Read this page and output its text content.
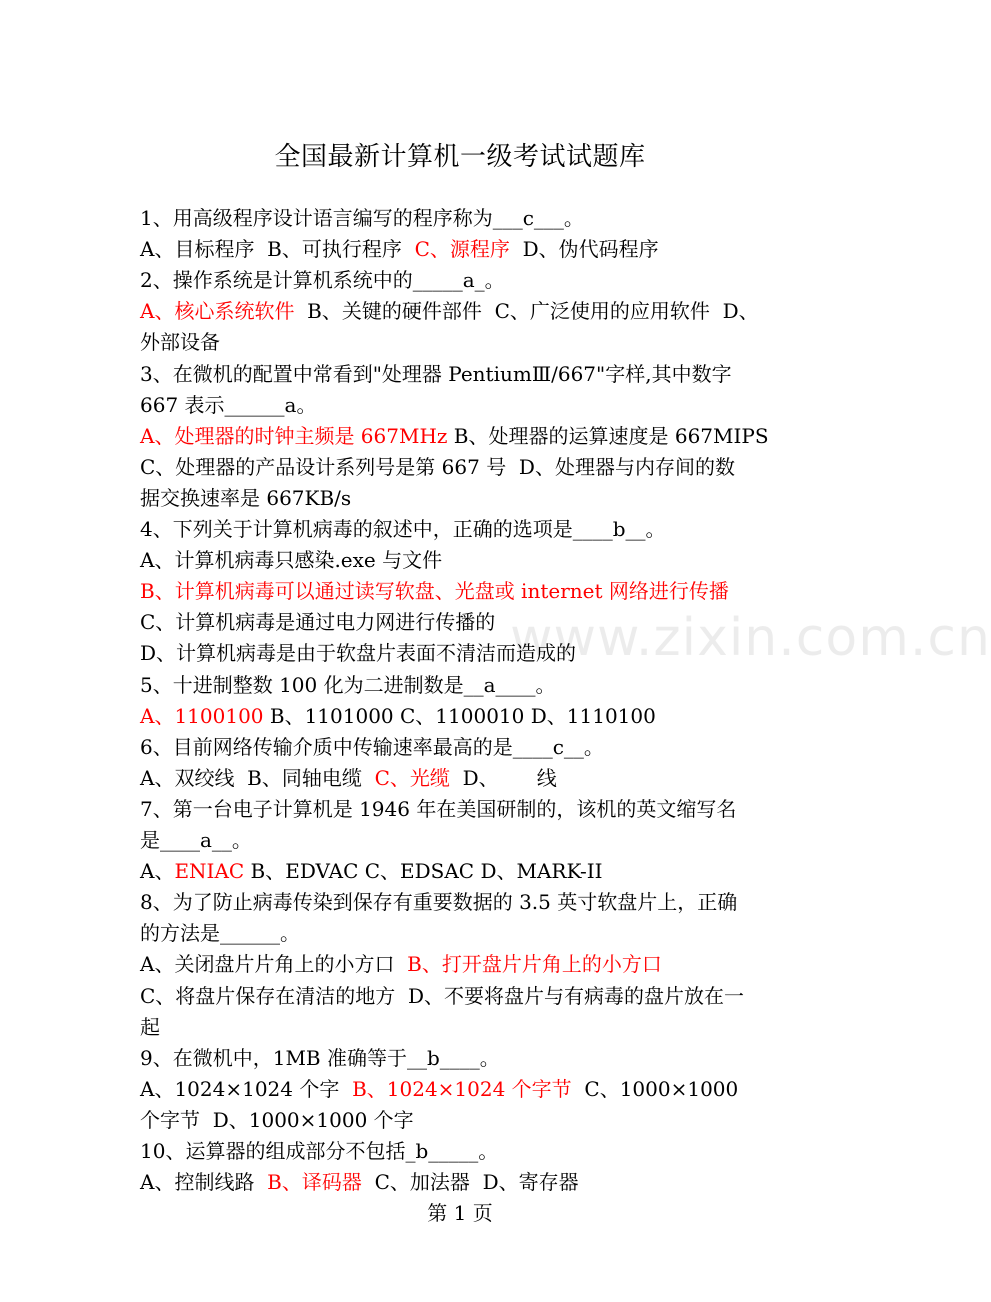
全国最新计算机一级考试试题库
www.zixin.com.cn
1、用高级程序设计语言编写的程序称为___c___。
A、目标程序  B、可执行程序  C、源程序  D、伪代码程序
2、操作系统是计算机系统中的_____a_。
A、核心系统软件  B、关键的硬件部件  C、广泛使用的应用软件  D、
外部设备
3、在微机的配置中常看到"处理器 PentiumⅢ/667"字样,其中数字
667 表示______a。
A、处理器的时钟主频是 667MHz B、处理器的运算速度是 667MIPS
C、处理器的产品设计系列号是第 667 号  D、处理器与内存间的数
据交换速率是 667KB/s
4、下列关于计算机病毒的叙述中，正确的选项是____b__。
A、计算机病毒只感染.exe 与文件
B、计算机病毒可以通过读写软盘、光盘或 internet 网络进行传播
C、计算机病毒是通过电力网进行传播的
D、计算机病毒是由于软盘片表面不清洁而造成的
5、十进制整数 100 化为二进制数是__a____。
A、1100100 B、1101000 C、1100010 D、1110100
6、目前网络传输介质中传输速率最高的是____c__。
A、双绞线  B、同轴电缆  C、光缆  D、      线
7、第一台电子计算机是 1946 年在美国研制的，该机的英文缩写名
是____a__。
A、ENIAC B、EDVAC C、EDSAC D、MARK-II
8、为了防止病毒传染到保存有重要数据的 3.5 英寸软盘片上，正确
的方法是______。
A、关闭盘片片角上的小方口  B、打开盘片片角上的小方口
C、将盘片保存在清洁的地方  D、不要将盘片与有病毒的盘片放在一
起
9、在微机中，1MB 准确等于__b____。
A、1024×1024 个字  B、1024×1024 个字节  C、1000×1000
个字节  D、1000×1000 个字
10、运算器的组成部分不包括_b_____。
A、控制线路  B、译码器  C、加法器  D、寄存器
第 1 页
